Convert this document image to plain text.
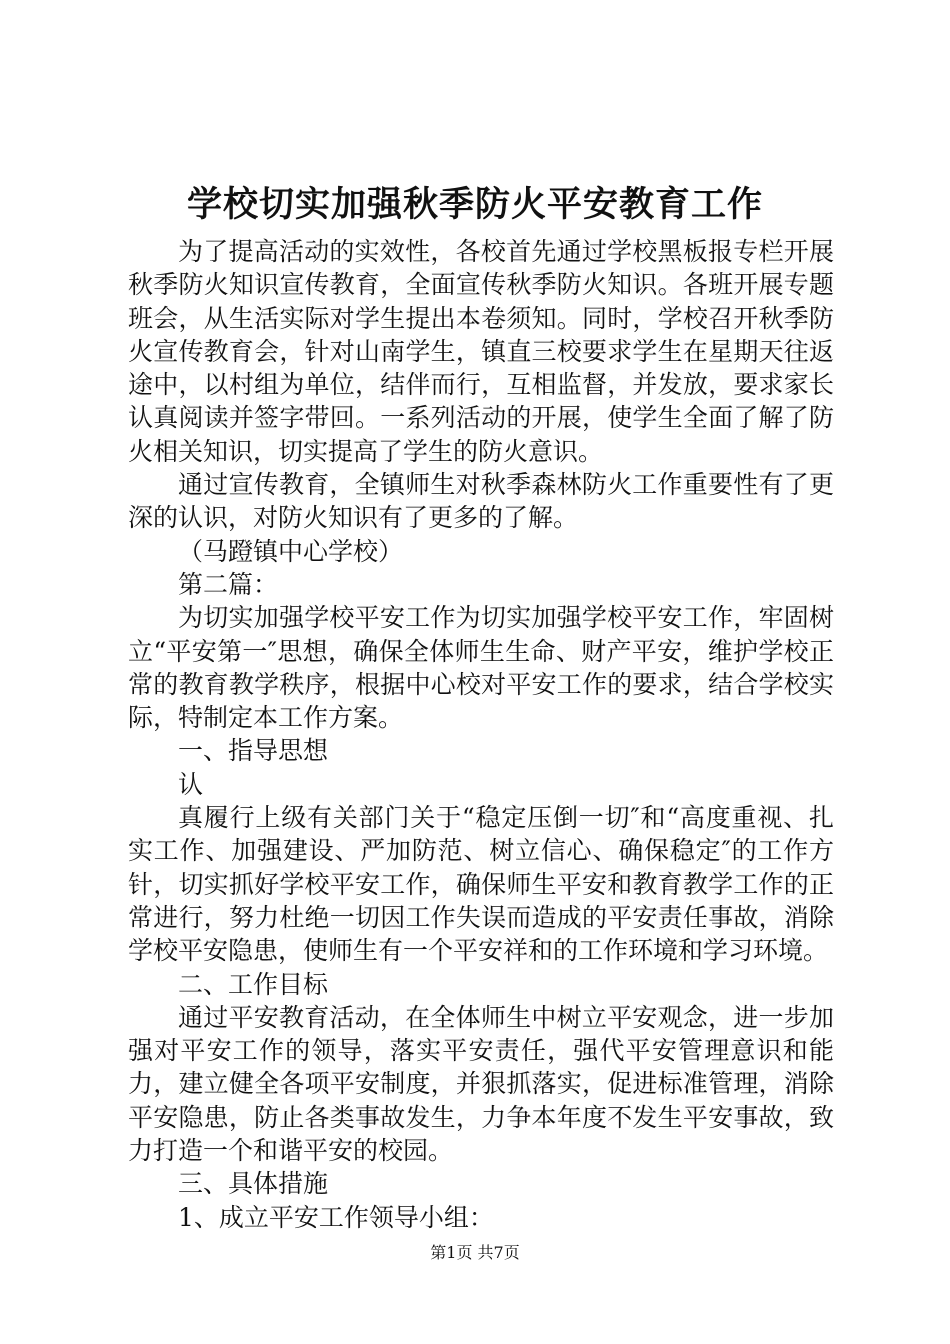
学校切实加强秋季防火平安教育工作

为了提高活动的实效性，各校首先通过学校黑板报专栏开展秋季防火知识宣传教育，全面宣传秋季防火知识。各班开展专题班会，从生活实际对学生提出本卷须知。同时，学校召开秋季防火宣传教育会，针对山南学生，镇直三校要求学生在星期天往返途中，以村组为单位，结伴而行，互相监督，并发放，要求家长认真阅读并签字带回。一系列活动的开展，使学生全面了解了防火相关知识，切实提高了学生的防火意识。

通过宣传教育，全镇师生对秋季森林防火工作重要性有了更深的认识，对防火知识有了更多的了解。

（马蹬镇中心学校）

第二篇：

为切实加强学校平安工作为切实加强学校平安工作，牢固树立“平安第一″思想，确保全体师生生命、财产平安，维护学校正常的教育教学秩序，根据中心校对平安工作的要求，结合学校实际，特制定本工作方案。

一、指导思想

认

真履行上级有关部门关于“稳定压倒一切″和“高度重视、扎实工作、加强建设、严加防范、树立信心、确保稳定″的工作方针，切实抓好学校平安工作，确保师生平安和教育教学工作的正常进行，努力杜绝一切因工作失误而造成的平安责任事故，消除学校平安隐患，使师生有一个平安祥和的工作环境和学习环境。

二、工作目标

通过平安教育活动，在全体师生中树立平安观念，进一步加强对平安工作的领导，落实平安责任，强代平安管理意识和能力，建立健全各项平安制度，并狠抓落实，促进标准管理，消除平安隐患，防止各类事故发生，力争本年度不发生平安事故，致力打造一个和谐平安的校园。

三、具体措施

1、成立平安工作领导小组：

第1页 共7页
